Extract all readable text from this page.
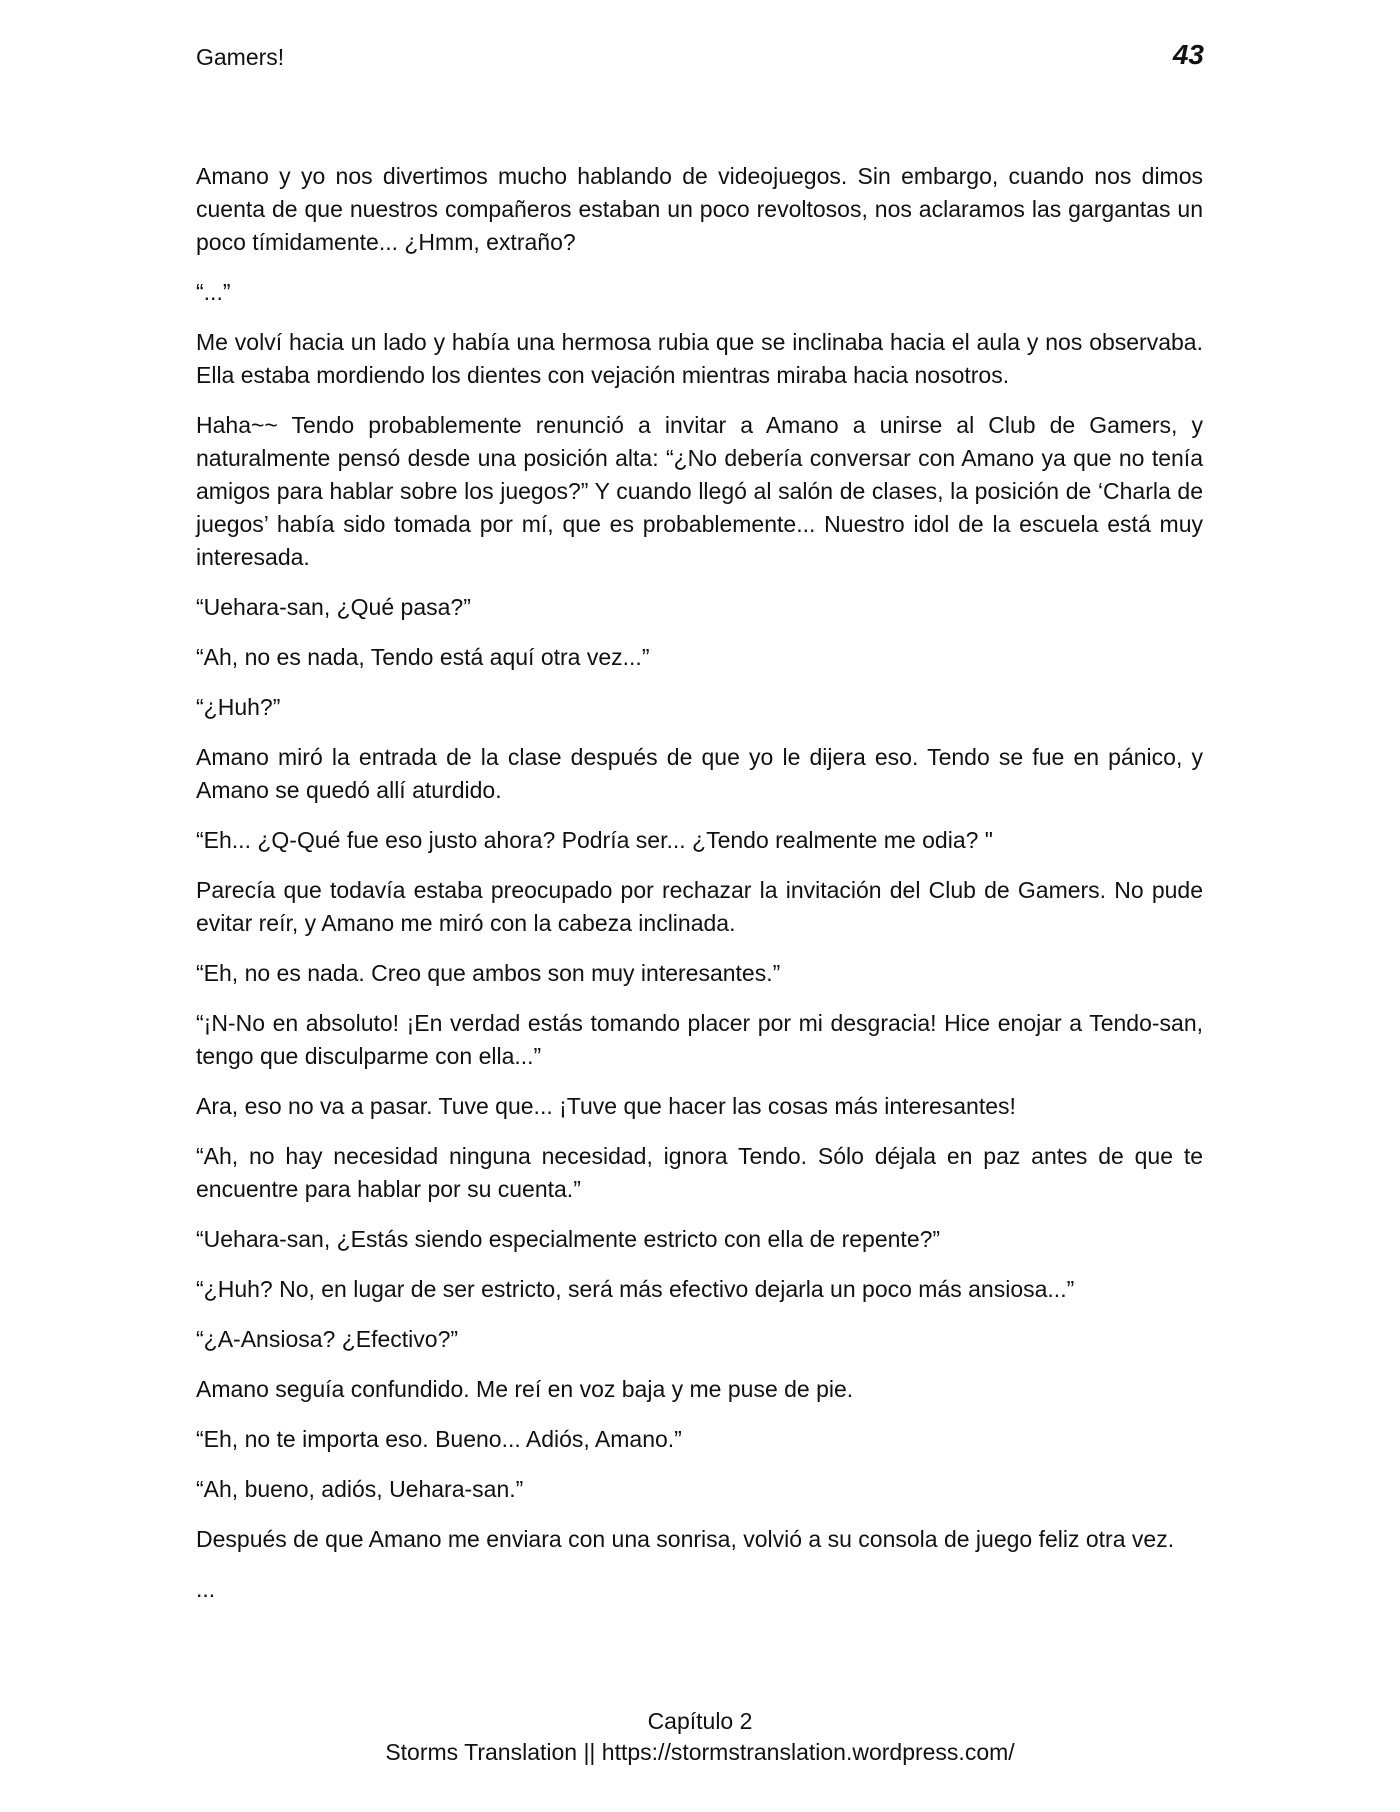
Gamers!	43

Amano y yo nos divertimos mucho hablando de videojuegos. Sin embargo, cuando nos dimos cuenta de que nuestros compañeros estaban un poco revoltosos, nos aclaramos las gargantas un poco tímidamente... ¿Hmm, extraño?

“...”

Me volví hacia un lado y había una hermosa rubia que se inclinaba hacia el aula y nos observaba. Ella estaba mordiendo los dientes con vejación mientras miraba hacia nosotros.

Haha~~ Tendo probablemente renunció a invitar a Amano a unirse al Club de Gamers, y naturalmente pensó desde una posición alta: “¿No debería conversar con Amano ya que no tenía amigos para hablar sobre los juegos?” Y cuando llegó al salón de clases, la posición de ‘Charla de juegos’ había sido tomada por mí, que es probablemente... Nuestro idol de la escuela está muy interesada.

“Uehara-san, ¿Qué pasa?”

“Ah, no es nada, Tendo está aquí otra vez...”

“¿Huh?”

Amano miró la entrada de la clase después de que yo le dijera eso. Tendo se fue en pánico, y Amano se quedó allí aturdido.

“Eh... ¿Q-Qué fue eso justo ahora? Podría ser... ¿Tendo realmente me odia? "

Parecía que todavía estaba preocupado por rechazar la invitación del Club de Gamers. No pude evitar reír, y Amano me miró con la cabeza inclinada.

“Eh, no es nada. Creo que ambos son muy interesantes.”

“¡N-No en absoluto! ¡En verdad estás tomando placer por mi desgracia! Hice enojar a Tendo-san, tengo que disculparme con ella...”

Ara, eso no va a pasar. Tuve que... ¡Tuve que hacer las cosas más interesantes!

“Ah, no hay necesidad ninguna necesidad, ignora Tendo. Sólo déjala en paz antes de que te encuentre para hablar por su cuenta.”

“Uehara-san, ¿Estás siendo especialmente estricto con ella de repente?”

“¿Huh? No, en lugar de ser estricto, será más efectivo dejarla un poco más ansiosa...”

“¿A-Ansiosa? ¿Efectivo?”

Amano seguía confundido. Me reí en voz baja y me puse de pie.

“Eh, no te importa eso. Bueno... Adiós, Amano.”

“Ah, bueno, adiós, Uehara-san.”

Después de que Amano me enviara con una sonrisa, volvió a su consola de juego feliz otra vez.

...

Capítulo 2
Storms Translation || https://stormstranslation.wordpress.com/
